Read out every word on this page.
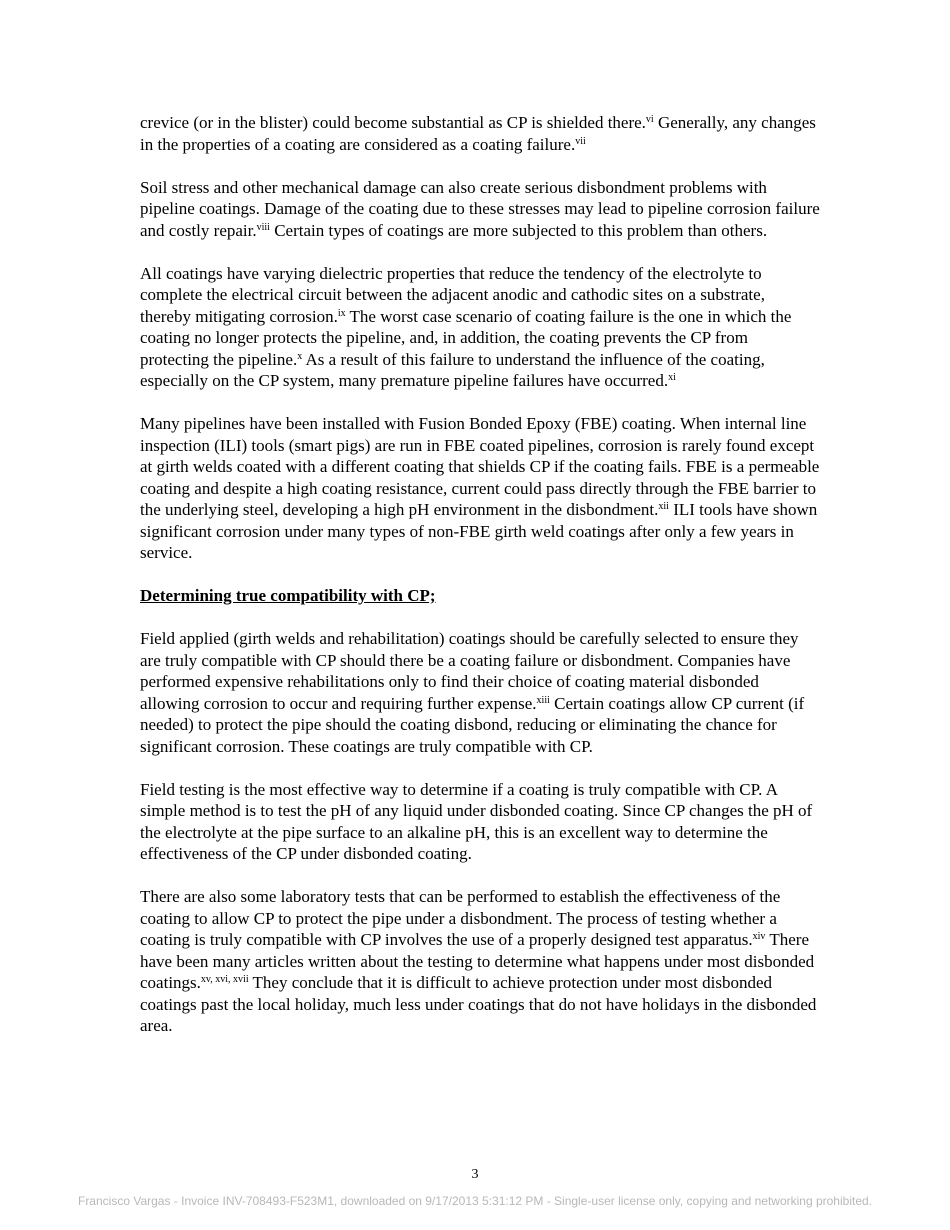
crevice (or in the blister) could become substantial as CP is shielded there.$^{vi}$ Generally, any changes in the properties of a coating are considered as a coating failure.$^{vii}$

Soil stress and other mechanical damage can also create serious disbondment problems with pipeline coatings. Damage of the coating due to these stresses may lead to pipeline corrosion failure and costly repair.$^{viii}$ Certain types of coatings are more subjected to this problem than others.

All coatings have varying dielectric properties that reduce the tendency of the electrolyte to complete the electrical circuit between the adjacent anodic and cathodic sites on a substrate, thereby mitigating corrosion.$^{ix}$ The worst case scenario of coating failure is the one in which the coating no longer protects the pipeline, and, in addition, the coating prevents the CP from protecting the pipeline.$^x$ As a result of this failure to understand the influence of the coating, especially on the CP system, many premature pipeline failures have occurred.$^{xi}$

Many pipelines have been installed with Fusion Bonded Epoxy (FBE) coating. When internal line inspection (ILI) tools (smart pigs) are run in FBE coated pipelines, corrosion is rarely found except at girth welds coated with a different coating that shields CP if the coating fails. FBE is a permeable coating and despite a high coating resistance, current could pass directly through the FBE barrier to the underlying steel, developing a high pH environment in the disbondment.$^{xii}$ ILI tools have shown significant corrosion under many types of non-FBE girth weld coatings after only a few years in service.

Determining true compatibility with CP;

Field applied (girth welds and rehabilitation) coatings should be carefully selected to ensure they are truly compatible with CP should there be a coating failure or disbondment. Companies have performed expensive rehabilitations only to find their choice of coating material disbonded allowing corrosion to occur and requiring further expense.$^{xiii}$ Certain coatings allow CP current (if needed) to protect the pipe should the coating disbond, reducing or eliminating the chance for significant corrosion. These coatings are truly compatible with CP.

Field testing is the most effective way to determine if a coating is truly compatible with CP. A simple method is to test the pH of any liquid under disbonded coating. Since CP changes the pH of the electrolyte at the pipe surface to an alkaline pH, this is an excellent way to determine the effectiveness of the CP under disbonded coating.

There are also some laboratory tests that can be performed to establish the effectiveness of the coating to allow CP to protect the pipe under a disbondment. The process of testing whether a coating is truly compatible with CP involves the use of a properly designed test apparatus.$^{xiv}$ There have been many articles written about the testing to determine what happens under most disbonded coatings.$^{xv, xvi, xvii}$ They conclude that it is difficult to achieve protection under most disbonded coatings past the local holiday, much less under coatings that do not have holidays in the disbonded area.

3
Francisco Vargas - Invoice INV-708493-F523M1, downloaded on 9/17/2013 5:31:12 PM - Single-user license only, copying and networking prohibited.
